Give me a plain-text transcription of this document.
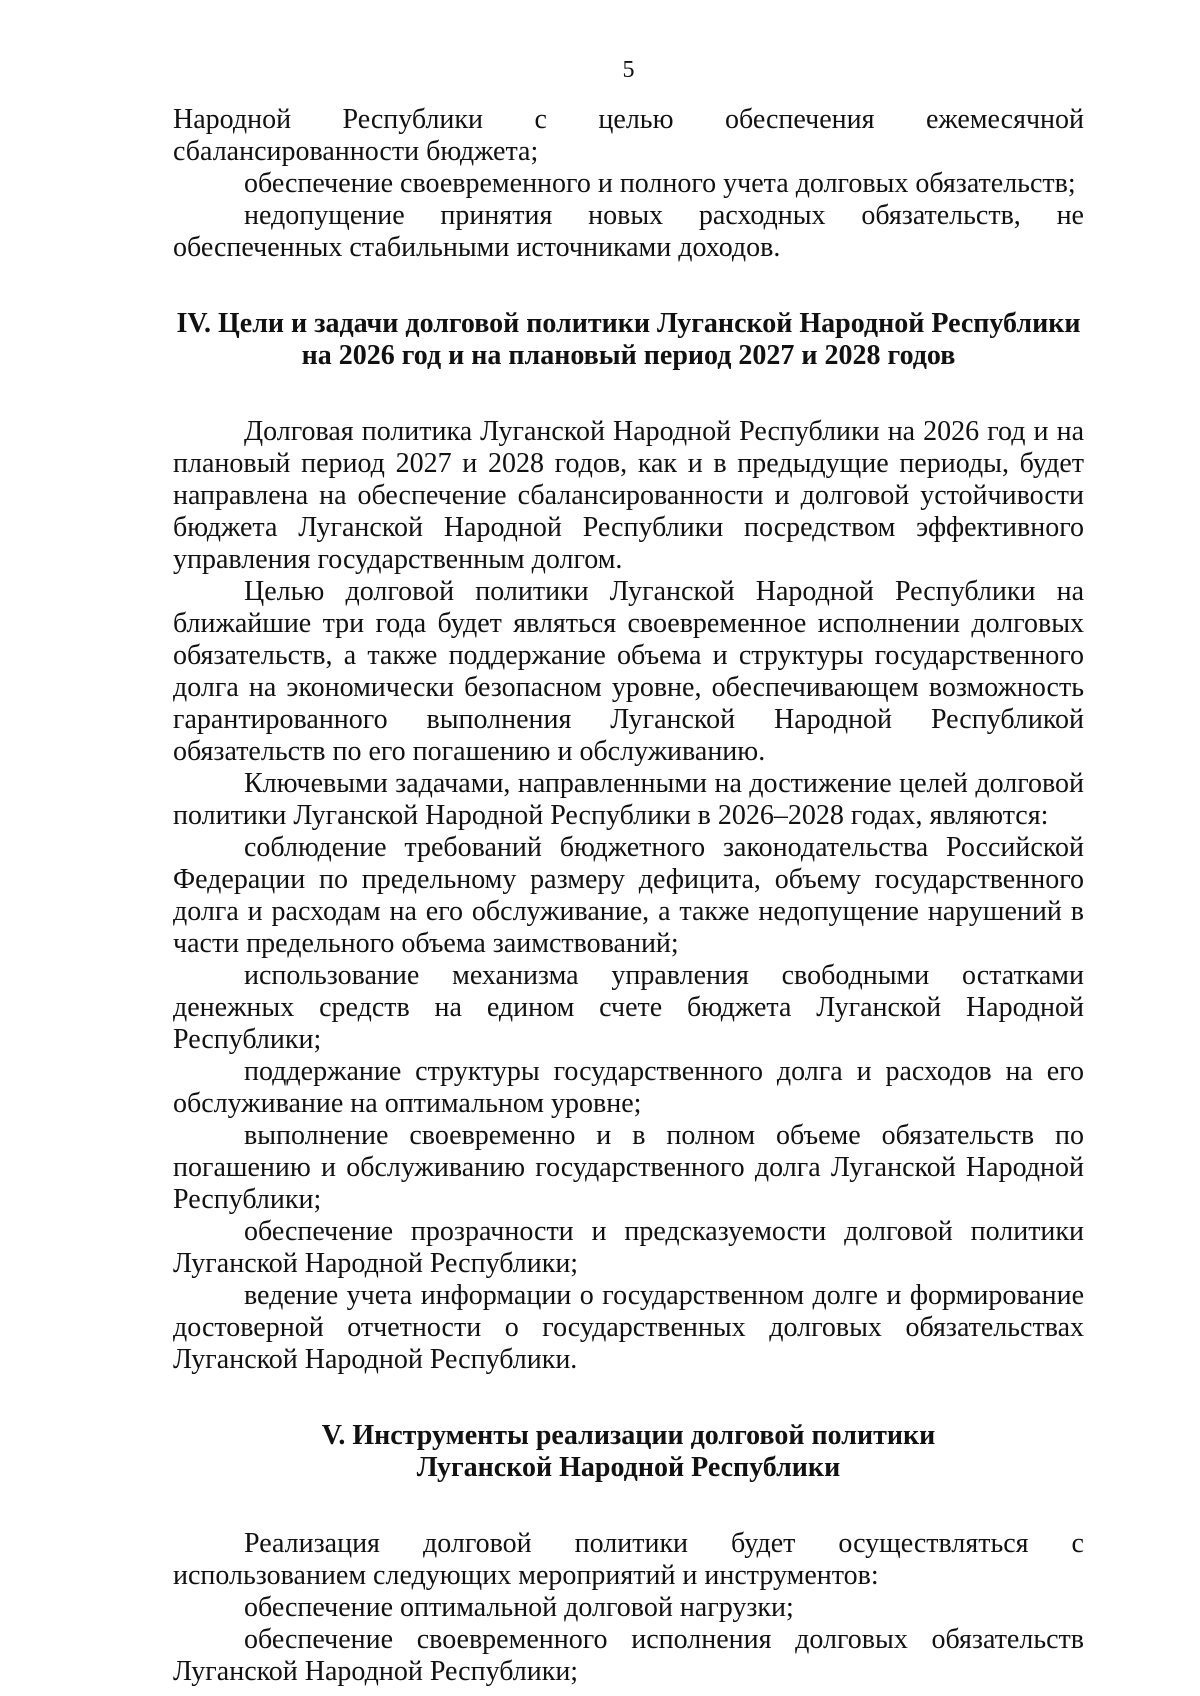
5

Народной Республики с целью обеспечения ежемесячной сбалансированности бюджета;

обеспечение своевременного и полного учета долговых обязательств;

недопущение принятия новых расходных обязательств, не обеспеченных стабильными источниками доходов.

IV. Цели и задачи долговой политики Луганской Народной Республики
на 2026 год и на плановый период 2027 и 2028 годов

Долговая политика Луганской Народной Республики на 2026 год и на плановый период 2027 и 2028 годов, как и в предыдущие периоды, будет направлена на обеспечение сбалансированности и долговой устойчивости бюджета Луганской Народной Республики посредством эффективного управления государственным долгом.

Целью долговой политики Луганской Народной Республики на ближайшие три года будет являться своевременное исполнении долговых обязательств, а также поддержание объема и структуры государственного долга на экономически безопасном уровне, обеспечивающем возможность гарантированного выполнения Луганской Народной Республикой обязательств по его погашению и обслуживанию.

Ключевыми задачами, направленными на достижение целей долговой политики Луганской Народной Республики в 2026–2028 годах, являются:

соблюдение требований бюджетного законодательства Российской Федерации по предельному размеру дефицита, объему государственного долга и расходам на его обслуживание, а также недопущение нарушений в части предельного объема заимствований;

использование механизма управления свободными остатками денежных средств на едином счете бюджета Луганской Народной Республики;

поддержание структуры государственного долга и расходов на его обслуживание на оптимальном уровне;

выполнение своевременно и в полном объеме обязательств по погашению и обслуживанию государственного долга Луганской Народной Республики;

обеспечение прозрачности и предсказуемости долговой политики Луганской Народной Республики;

ведение учета информации о государственном долге и формирование достоверной отчетности о государственных долговых обязательствах Луганской Народной Республики.

V. Инструменты реализации долговой политики
Луганской Народной Республики

Реализация долговой политики будет осуществляться с использованием следующих мероприятий и инструментов:

обеспечение оптимальной долговой нагрузки;

обеспечение своевременного исполнения долговых обязательств Луганской Народной Республики;
